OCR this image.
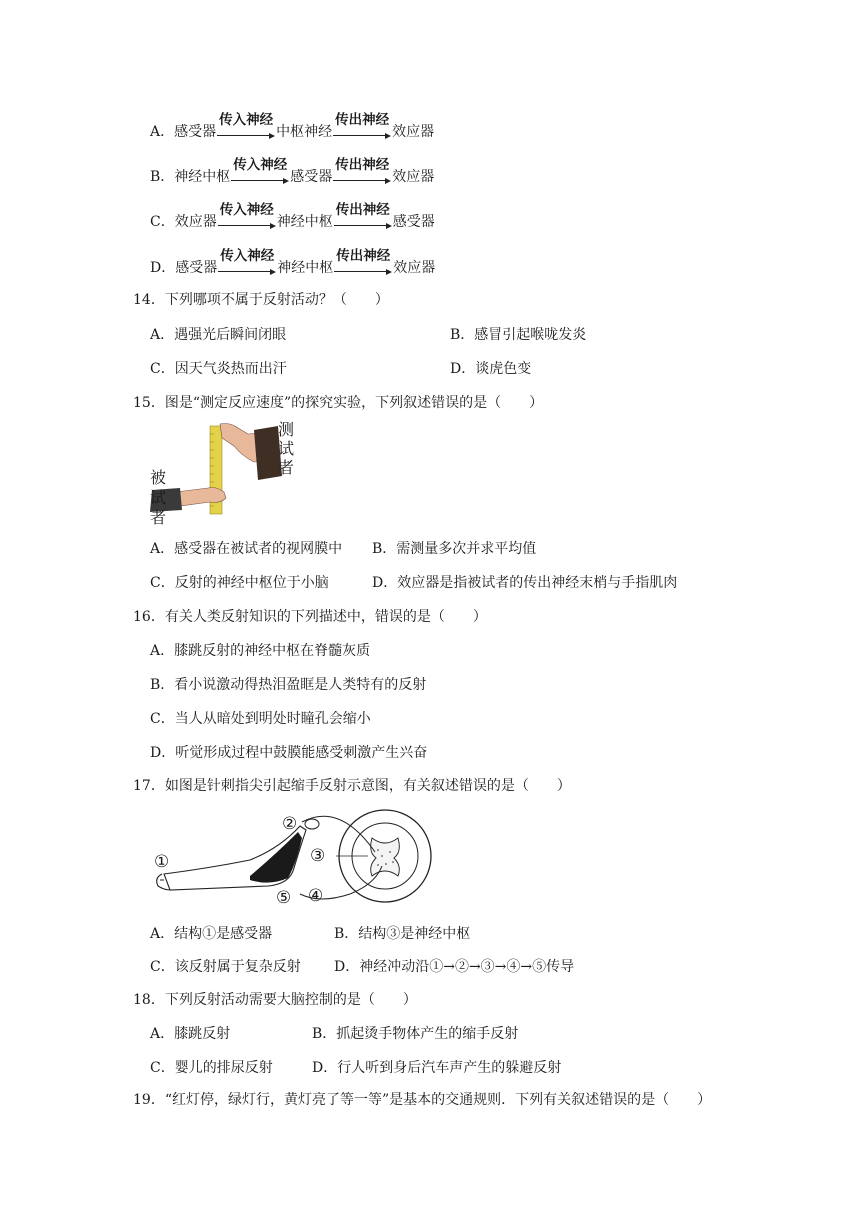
A．感受器
传入神经
中枢神经
传出神经
效应器
B．神经中枢
传入神经
感受器
传出神经
效应器
C．效应器
传入神经
神经中枢
传出神经
感受器
D．感受器
传入神经
神经中枢
传出神经
效应器
14．下列哪项不属于反射活动？（　　）
A．遇强光后瞬间闭眼	B．感冒引起喉咙发炎
C．因天气炎热而出汗	D．谈虎色变
15．图是“测定反应速度”的探究实验，下列叙述错误的是（　　）
测
试
者
被
试
者
A．感受器在被试者的视网膜中 B．需测量多次并求平均值
C．反射的神经中枢位于小脑	D．效应器是指被试者的传出神经末梢与手指肌肉
16．有关人类反射知识的下列描述中，错误的是（　　）
A．膝跳反射的神经中枢在脊髓灰质
B．看小说激动得热泪盈眶是人类特有的反射
C．当人从暗处到明处时瞳孔会缩小
D．听觉形成过程中鼓膜能感受刺激产生兴奋
17．如图是针刺指尖引起缩手反射示意图，有关叙述错误的是（　　）
①
②
③
④
⑤
A．结构①是感受器	B．结构③是神经中枢
C．该反射属于复杂反射 D．神经冲动沿①→②→③→④→⑤传导
18．下列反射活动需要大脑控制的是（　　）
A．膝跳反射	B．抓起烫手物体产生的缩手反射
C．婴儿的排尿反射	D．行人听到身后汽车声产生的躲避反射
19．“红灯停，绿灯行，黄灯亮了等一等”是基本的交通规则．下列有关叙述错误的是（　　）
